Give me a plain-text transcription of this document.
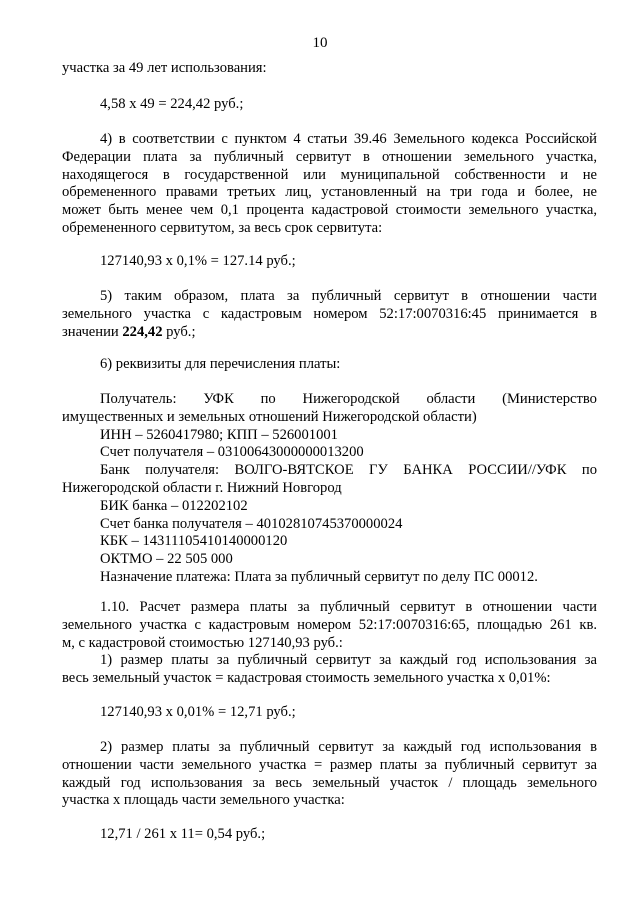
10
участка за 49 лет использования:
4,58 х 49 = 224,42 руб.;
4) в соответствии с пунктом 4 статьи 39.46 Земельного кодекса Российской
Федерации плата за публичный сервитут в отношении земельного участка,
находящегося в государственной или муниципальной собственности и не
обремененного правами третьих лиц, установленный на три года и более, не
может быть менее чем 0,1 процента кадастровой стоимости земельного участка,
обремененного сервитутом, за весь срок сервитута:
127140,93 х 0,1% = 127.14 руб.;
5) таким образом, плата за публичный сервитут в отношении части
земельного участка с кадастровым номером 52:17:0070316:45 принимается в
значении 224,42 руб.;
6) реквизиты для перечисления платы:
Получатель: УФК по Нижегородской области (Министерство
имущественных и земельных отношений Нижегородской области)
ИНН – 5260417980; КПП – 526001001
Счет получателя – 03100643000000013200
Банк получателя: ВОЛГО-ВЯТСКОЕ ГУ БАНКА РОССИИ//УФК по
Нижегородской области г. Нижний Новгород
БИК банка – 012202102
Счет банка получателя – 40102810745370000024
КБК – 14311105410140000120
ОКТМО – 22 505 000
Назначение платежа: Плата за публичный сервитут по делу ПС 00012.
1.10. Расчет размера платы за публичный сервитут в отношении части
земельного участка с кадастровым номером 52:17:0070316:65, площадью 261 кв.
м, с кадастровой стоимостью 127140,93 руб.:
1) размер платы за публичный сервитут за каждый год использования за
весь земельный участок = кадастровая стоимость земельного участка х 0,01%:
127140,93 х 0,01% = 12,71 руб.;
2) размер платы за публичный сервитут за каждый год использования в
отношении части земельного участка = размер платы за публичный сервитут за
каждый год использования за весь земельный участок / площадь земельного
участка х площадь части земельного участка:
12,71 / 261 х 11= 0,54 руб.;
